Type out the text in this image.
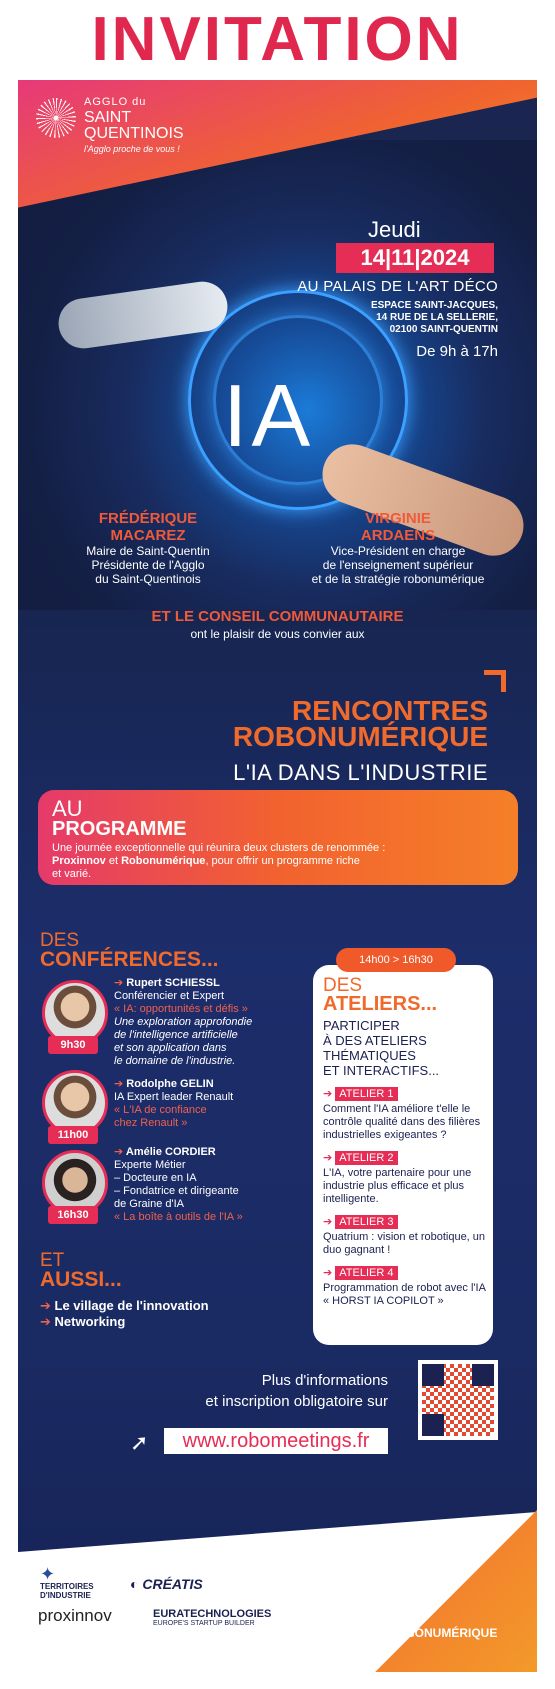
INVITATION
AGGLO du
SAINT
QUENTINOIS
l'Agglo proche de vous !
Jeudi
14|11|2024
AU PALAIS DE L'ART DÉCO
ESPACE SAINT-JACQUES,
14 RUE DE LA SELLERIE,
02100 SAINT-QUENTIN
De 9h à 17h
IA
FRÉDÉRIQUE
MACAREZ
Maire de Saint-Quentin
Présidente de l'Agglo
du Saint-Quentinois
VIRGINIE
ARDAENS
Vice-Président en charge
de l'enseignement supérieur
et de la stratégie robonumérique
ET LE CONSEIL COMMUNAUTAIRE
ont le plaisir de vous convier aux
RENCONTRES
ROBONUMÉRIQUE
L'IA DANS L'INDUSTRIE
AU
PROGRAMME
Une journée exceptionnelle qui réunira deux clusters de renommée :
Proxinnov et Robonumérique, pour offrir un programme riche
et varié.
DES
CONFÉRENCES...
9h30
➔ Rupert SCHIESSL
Conférencier et Expert
« IA: opportunités et défis »
Une exploration approfondie
de l'intelligence artificielle
et son application dans
le domaine de l'industrie.
11h00
➔ Rodolphe GELIN
IA Expert leader Renault
« L'IA de confiance
chez Renault »
16h30
➔ Amélie CORDIER
Experte Métier
– Docteure en IA
– Fondatrice et dirigeante
de Graine d'IA
« La boîte à outils de l'IA »
ET
AUSSI...
➔ Le village de l'innovation
➔ Networking
14h00 > 16h30
DES
ATELIERS...
PARTICIPER
À DES ATELIERS
THÉMATIQUES
ET INTERACTIFS...
➔ ATELIER 1
Comment l'IA améliore t'elle le contrôle qualité dans des filières industrielles exigeantes ?
➔ ATELIER 2
L'IA, votre partenaire pour une industrie plus efficace et plus intelligente.
➔ ATELIER 3
Quatrium : vision et robotique, un duo gagnant !
➔ ATELIER 4
Programmation de robot avec l'IA « HORST IA COPILOT »
Plus d'informations
et inscription obligatoire sur
➚	www.robomeetings.fr
✦
TERRITOIRES D'INDUSTRIE
◐ CRÉATIS
proxinnov	EURATECHNOLOGIES
EUROPE'S STARTUP BUILDER
ROBONUMÉRIQUE
